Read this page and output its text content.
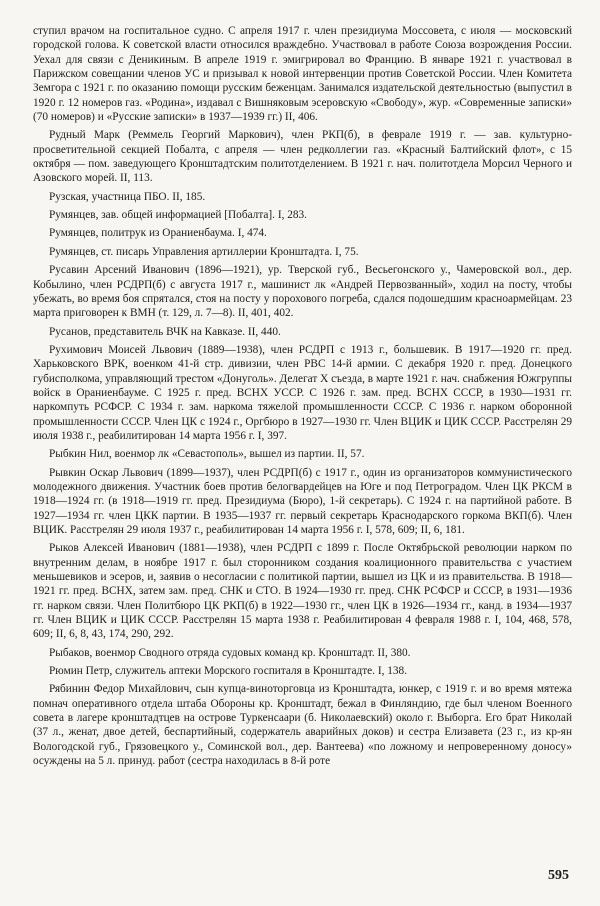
ступил врачом на госпитальное судно. С апреля 1917 г. член президиума Моссовета, с июля — московский городской голова. К советской власти относился враждебно. Участвовал в работе Союза возрождения России. Уехал для связи с Деникиным. В апреле 1919 г. эмигрировал во Францию. В январе 1921 г. участвовал в Парижском совещании членов УС и призывал к новой интервенции против Советской России. Член Комитета Земгора с 1921 г. по оказанию помощи русским беженцам. Занимался издательской деятельностью (выпустил в 1920 г. 12 номеров газ. «Родина», издавал с Вишняковым эсеровскую «Свободу», жур. «Современные записки» (70 номеров) и «Русские записки» в 1937—1939 гг.) II, 406.

Рудный Марк (Реммель Георгий Маркович), член РКП(б), в феврале 1919 г. — зав. культурно-просветительной секцией Побалта, с апреля — член редколлегии газ. «Красный Балтийский флот», с 15 октября — пом. заведующего Кронштадтским политотделением. В 1921 г. нач. политотдела Морсил Черного и Азовского морей. II, 113.

Рузская, участница ПБО. II, 185.

Румянцев, зав. общей информацией [Побалта]. I, 283.

Румянцев, политрук из Ораниенбаума. I, 474.

Румянцев, ст. писарь Управления артиллерии Кронштадта. I, 75.

Русавин Арсений Иванович (1896—1921), ур. Тверской губ., Весьегонского у., Чамеровской вол., дер. Кобылино, член РСДРП(б) с августа 1917 г., машинист лк «Андрей Первозванный», ходил на посту, чтобы убежать, во время боя спрятался, стоя на посту у порохового погреба, сдался подошедшим красноармейцам. 23 марта приговорен к ВМН (т. 129, л. 7—8). II, 401, 402.

Русанов, представитель ВЧК на Кавказе. II, 440.

Рухимович Моисей Львович (1889—1938), член РСДРП с 1913 г., большевик. В 1917—1920 гг. пред. Харьковского ВРК, военком 41-й стр. дивизии, член РВС 14-й армии. С декабря 1920 г. пред. Донецкого губисполкома, управляющий трестом «Донуголь». Делегат X съезда, в марте 1921 г. нач. снабжения Южгруппы войск в Ораниенбауме. С 1925 г. пред. ВСНХ УССР. С 1926 г. зам. пред. ВСНХ СССР, в 1930—1931 гг. наркомпуть РСФСР. С 1934 г. зам. наркома тяжелой промышленности СССР. С 1936 г. нарком оборонной промышленности СССР. Член ЦК с 1924 г., Оргбюро в 1927—1930 гг. Член ВЦИК и ЦИК СССР. Расстрелян 29 июля 1938 г., реабилитирован 14 марта 1956 г. I, 397.

Рыбкин Нил, военмор лк «Севастополь», вышел из партии. II, 57.

Рывкин Оскар Львович (1899—1937), член РСДРП(б) с 1917 г., один из организаторов коммунистического молодежного движения. Участник боев против белогвардейцев на Юге и под Петроградом. Член ЦК РКСМ в 1918—1924 гг. (в 1918—1919 гг. пред. Президиума (Бюро), 1-й секретарь). С 1924 г. на партийной работе. В 1927—1934 гг. член ЦКК партии. В 1935—1937 гг. первый секретарь Краснодарского горкома ВКП(б). Член ВЦИК. Расстрелян 29 июля 1937 г., реабилитирован 14 марта 1956 г. I, 578, 609; II, 6, 181.

Рыков Алексей Иванович (1881—1938), член РСДРП с 1899 г. После Октябрьской революции нарком по внутренним делам, в ноябре 1917 г. был сторонником создания коалиционного правительства с участием меньшевиков и эсеров, и, заявив о несогласии с политикой партии, вышел из ЦК и из правительства. В 1918—1921 гг. пред. ВСНХ, затем зам. пред. СНК и СТО. В 1924—1930 гг. пред. СНК РСФСР и СССР, в 1931—1936 гг. нарком связи. Член Политбюро ЦК РКП(б) в 1922—1930 гг., член ЦК в 1926—1934 гг., канд. в 1934—1937 гг. Член ВЦИК и ЦИК СССР. Расстрелян 15 марта 1938 г. Реабилитирован 4 февраля 1988 г. I, 104, 468, 578, 609; II, 6, 8, 43, 174, 290, 292.

Рыбаков, военмор Сводного отряда судовых команд кр. Кронштадт. II, 380.

Рюмин Петр, служитель аптеки Морского госпиталя в Кронштадте. I, 138.

Рябинин Федор Михайлович, сын купца-виноторговца из Кронштадта, юнкер, с 1919 г. и во время мятежа помнач оперативного отдела штаба Обороны кр. Кронштадт, бежал в Финляндию, где был членом Военного совета в лагере кронштадтцев на острове Туркенсаари (б. Николаевский) около г. Выборга. Его брат Николай (37 л., женат, двое детей, беспартийный, содержатель аварийных доков) и сестра Елизавета (23 г., из кр-ян Вологодской губ., Грязовецкого у., Соминской вол., дер. Вантеева) «по ложному и непроверенному доносу» осуждены на 5 л. принуд. работ (сестра находилась в 8-й роте

595
